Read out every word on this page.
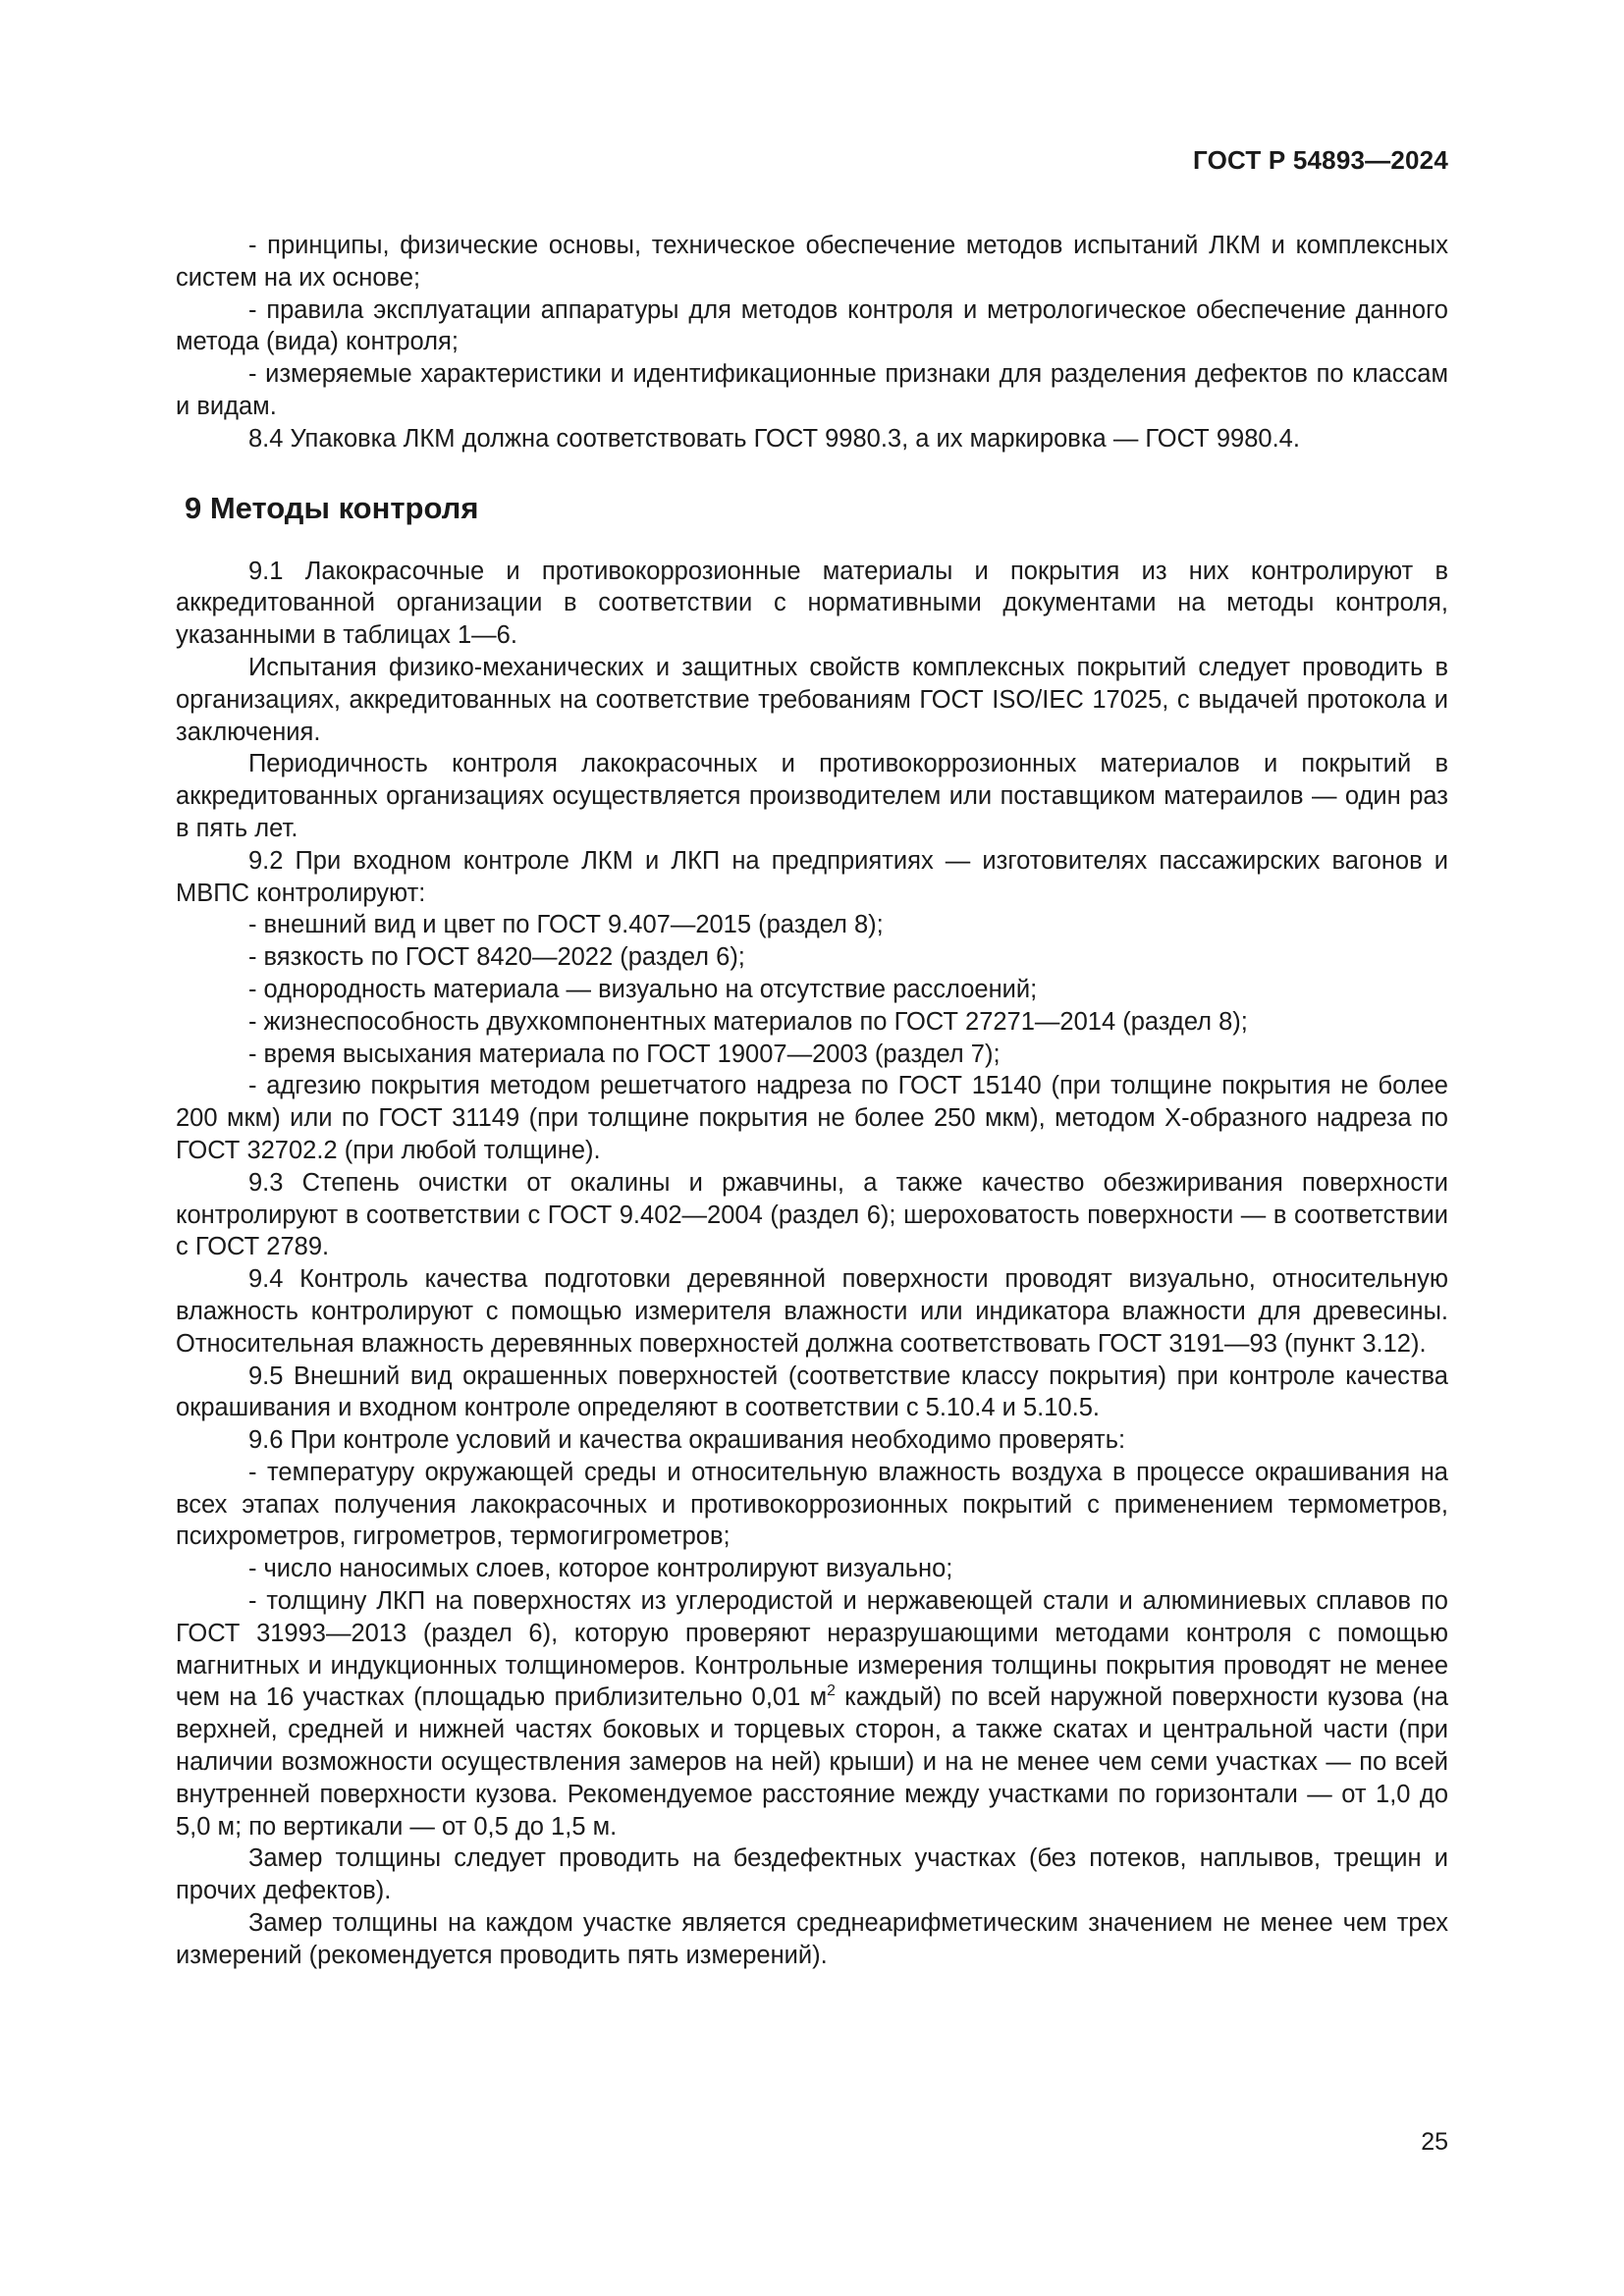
ГОСТ Р 54893—2024

- принципы, физические основы, техническое обеспечение методов испытаний ЛКМ и комплексных систем на их основе;

- правила эксплуатации аппаратуры для методов контроля и метрологическое обеспечение данного метода (вида) контроля;

- измеряемые характеристики и идентификационные признаки для разделения дефектов по классам и видам.

8.4 Упаковка ЛКМ должна соответствовать ГОСТ 9980.3, а их маркировка — ГОСТ 9980.4.

9 Методы контроля

9.1 Лакокрасочные и противокоррозионные материалы и покрытия из них контролируют в аккредитованной организации в соответствии с нормативными документами на методы контроля, указанными в таблицах 1—6.

Испытания физико-механических и защитных свойств комплексных покрытий следует проводить в организациях, аккредитованных на соответствие требованиям ГОСТ ISO/IEC 17025, с выдачей протокола и заключения.

Периодичность контроля лакокрасочных и противокоррозионных материалов и покрытий в аккредитованных организациях осуществляется производителем или поставщиком матераилов — один раз в пять лет.

9.2 При входном контроле ЛКМ и ЛКП на предприятиях — изготовителях пассажирских вагонов и МВПС контролируют:

- внешний вид и цвет по ГОСТ 9.407—2015 (раздел 8);

- вязкость по ГОСТ 8420—2022 (раздел 6);

- однородность материала — визуально на отсутствие расслоений;

- жизнеспособность двухкомпонентных материалов по ГОСТ 27271—2014 (раздел 8);

- время высыхания материала по ГОСТ 19007—2003 (раздел 7);

- адгезию покрытия методом решетчатого надреза по ГОСТ 15140 (при толщине покрытия не более 200 мкм) или по ГОСТ 31149 (при толщине покрытия не более 250 мкм), методом Х-образного надреза по ГОСТ 32702.2 (при любой толщине).

9.3 Степень очистки от окалины и ржавчины, а также качество обезжиривания поверхности контролируют в соответствии с ГОСТ 9.402—2004 (раздел 6); шероховатость поверхности — в соответствии с ГОСТ 2789.

9.4 Контроль качества подготовки деревянной поверхности проводят визуально, относительную влажность контролируют с помощью измерителя влажности или индикатора влажности для древесины. Относительная влажность деревянных поверхностей должна соответствовать ГОСТ 3191—93 (пункт 3.12).

9.5 Внешний вид окрашенных поверхностей (соответствие классу покрытия) при контроле качества окрашивания и входном контроле определяют в соответствии с 5.10.4 и 5.10.5.

9.6 При контроле условий и качества окрашивания необходимо проверять:

- температуру окружающей среды и относительную влажность воздуха в процессе окрашивания на всех этапах получения лакокрасочных и противокоррозионных покрытий с применением термометров, психрометров, гигрометров, термогигрометров;

- число наносимых слоев, которое контролируют визуально;

- толщину ЛКП на поверхностях из углеродистой и нержавеющей стали и алюминиевых сплавов по ГОСТ 31993—2013 (раздел 6), которую проверяют неразрушающими методами контроля с помощью магнитных и индукционных толщиномеров. Контрольные измерения толщины покрытия проводят не менее чем на 16 участках (площадью приблизительно 0,01 $м^2$ каждый) по всей наружной поверхности кузова (на верхней, средней и нижней частях боковых и торцевых сторон, а также скатах и центральной части (при наличии возможности осуществления замеров на ней) крыши) и на не менее чем семи участках — по всей внутренней поверхности кузова. Рекомендуемое расстояние между участками по горизонтали — от 1,0 до 5,0 м; по вертикали — от 0,5 до 1,5 м.

Замер толщины следует проводить на бездефектных участках (без потеков, наплывов, трещин и прочих дефектов).

Замер толщины на каждом участке является среднеарифметическим значением не менее чем трех измерений (рекомендуется проводить пять измерений).

25
